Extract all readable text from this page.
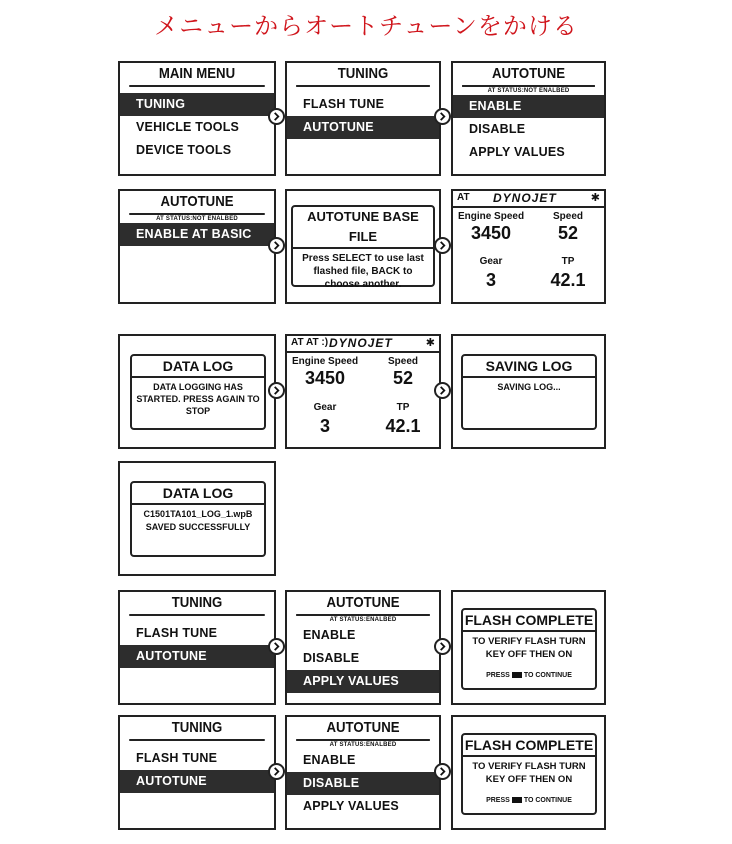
メニューからオートチューンをかける
MAIN MENU
TUNING
VEHICLE TOOLS
DEVICE TOOLS
TUNING
FLASH TUNE
AUTOTUNE
AUTOTUNE
AT STATUS:NOT ENALBED
ENABLE
DISABLE
APPLY VALUES
AUTOTUNE
AT STATUS:NOT ENALBED
ENABLE AT BASIC
AUTOTUNE BASE FILE
Press SELECT to use last flashed file, BACK to choose another.
AT DYNOJET	✱
Engine Speed
3450
Speed
52
Gear
3
TP
42.1
DATA LOG
DATA LOGGING HAS STARTED. PRESS AGAIN TO STOP
AT AT :) DYNOJET	✱
Engine Speed
3450
Speed
52
Gear
3
TP
42.1
SAVING LOG
SAVING LOG...
DATA LOG
C1501TA101_LOG_1.wpB
SAVED SUCCESSFULLY
TUNING
FLASH TUNE
AUTOTUNE
AUTOTUNE
AT STATUS:ENALBED
ENABLE
DISABLE
APPLY VALUES
FLASH COMPLETE
TO VERIFY FLASH TURN KEY OFF THEN ON
PRESS TO CONTINUE
TUNING
FLASH TUNE
AUTOTUNE
AUTOTUNE
AT STATUS:ENALBED
ENABLE
DISABLE
APPLY VALUES
FLASH COMPLETE
TO VERIFY FLASH TURN KEY OFF THEN ON
PRESS TO CONTINUE
